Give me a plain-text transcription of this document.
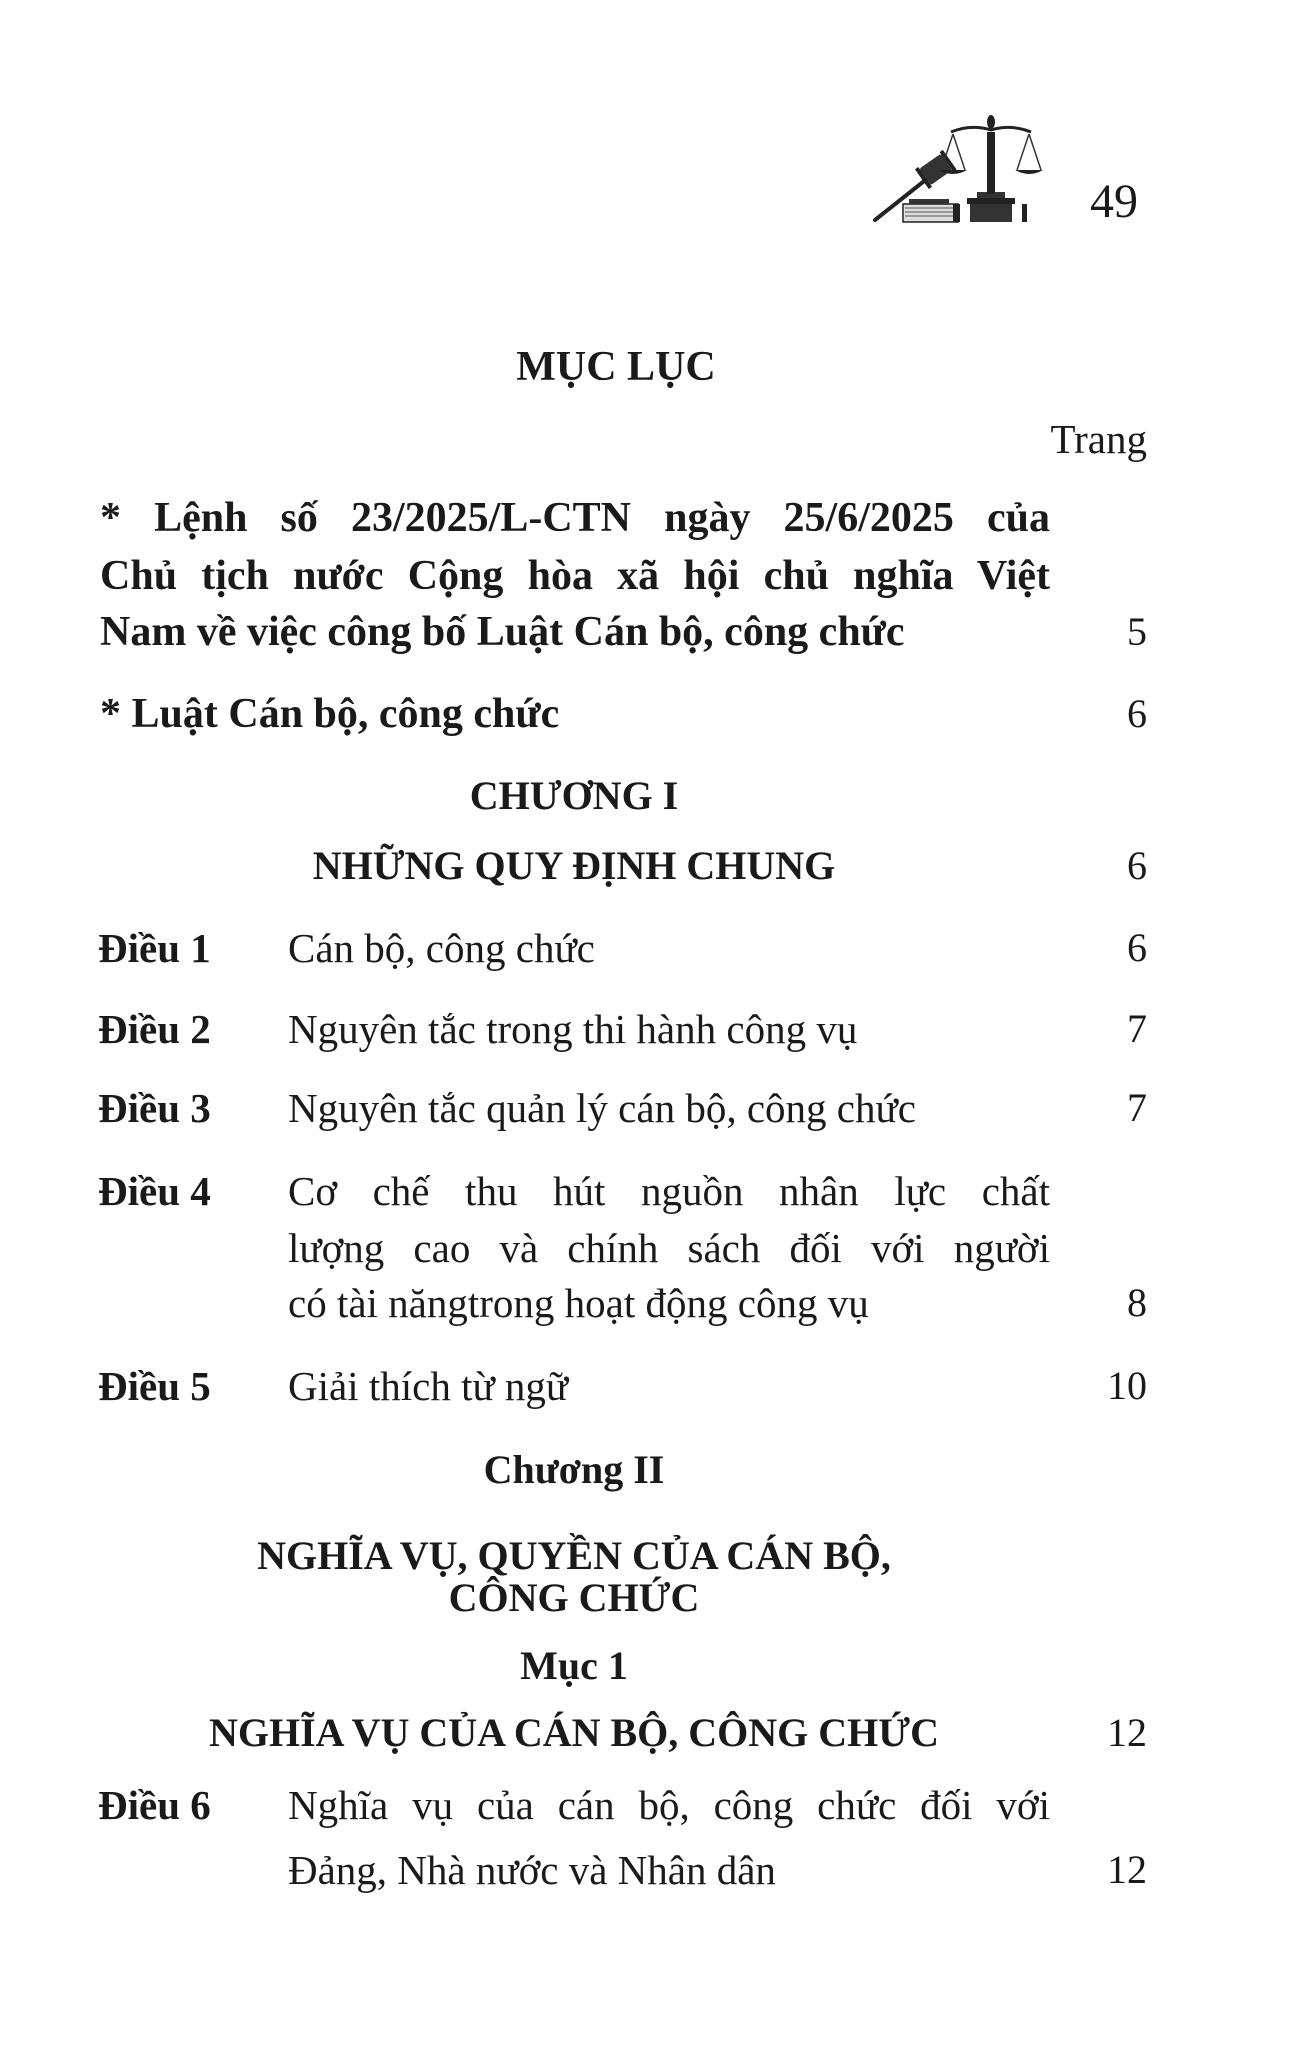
49
MỤC LỤC
Trang
* Lệnh số 23/2025/L-CTN ngày 25/6/2025 của
Chủ tịch nước Cộng hòa xã hội chủ nghĩa Việt
Nam về việc công bố Luật Cán bộ, công chức	5
* Luật Cán bộ, công chức	6
CHƯƠNG I
NHỮNG QUY ĐỊNH CHUNG	6
Điều 1 Cán bộ, công chức	6
Điều 2 Nguyên tắc trong thi hành công vụ	7
Điều 3 Nguyên tắc quản lý cán bộ, công chức	7
Điều 4 Cơ chế thu hút nguồn nhân lực chất
lượng cao và chính sách đối với người
có tài năngtrong hoạt động công vụ	8
Điều 5 Giải thích từ ngữ	10
Chương II
NGHĨA VỤ, QUYỀN CỦA CÁN BỘ,
CÔNG CHỨC
Mục 1
NGHĨA VỤ CỦA CÁN BỘ, CÔNG CHỨC	12
Điều 6 Nghĩa vụ của cán bộ, công chức đối với
Đảng, Nhà nước và Nhân dân	12
